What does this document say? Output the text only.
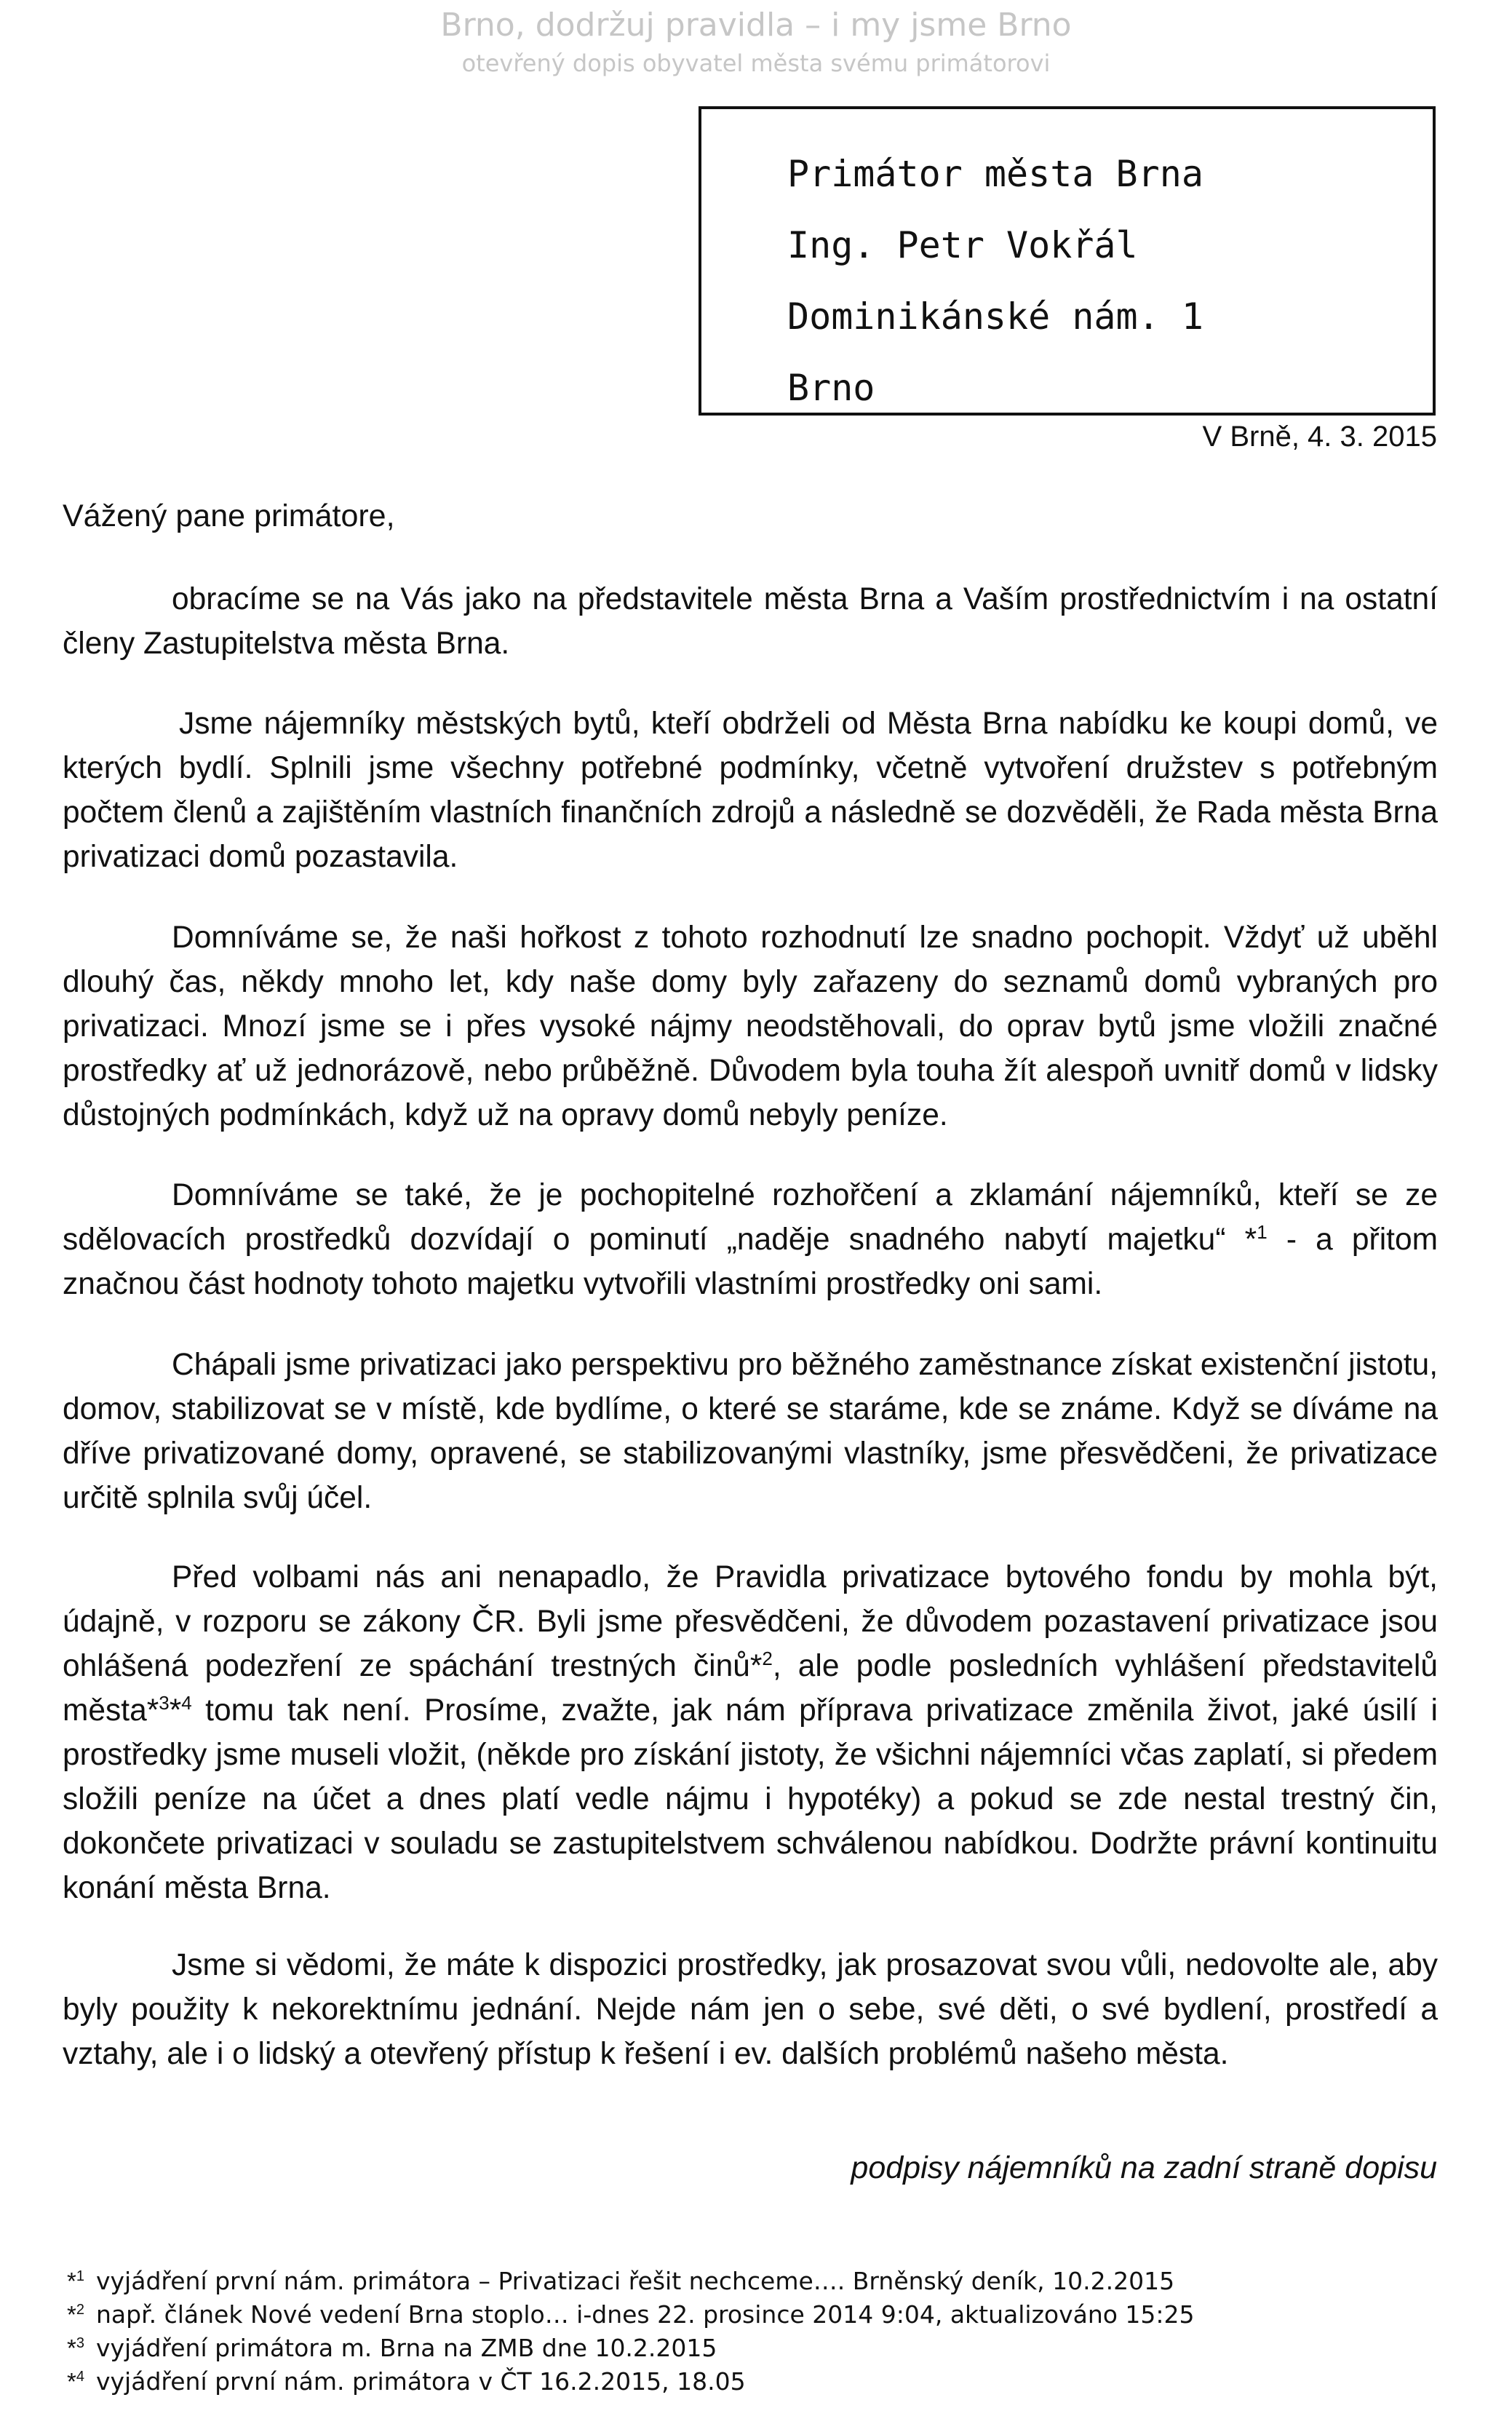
Brno, dodržuj pravidla – i my jsme Brno
otevřený dopis obyvatel města svému primátorovi
Primátor města Brna
Ing. Petr Vokřál
Dominikánské nám. 1
Brno
V Brně, 4. 3. 2015
Vážený pane primátore,

obracíme se na Vás jako na představitele města Brna a Vaším prostřednictvím i na ostatní členy Zastupitelstva města Brna.

Jsme nájemníky městských bytů, kteří obdrželi od Města Brna nabídku ke koupi domů, ve kterých bydlí. Splnili jsme všechny potřebné podmínky, včetně vytvoření družstev s potřebným počtem členů a zajištěním vlastních finančních zdrojů a následně se dozvěděli, že Rada města Brna privatizaci domů pozastavila.

Domníváme se, že naši hořkost z tohoto rozhodnutí lze snadno pochopit. Vždyť už uběhl dlouhý čas, někdy mnoho let, kdy naše domy byly zařazeny do seznamů domů vybraných pro privatizaci. Mnozí jsme se i přes vysoké nájmy neodstěhovali, do oprav bytů jsme vložili značné prostředky ať už jednorázově, nebo průběžně. Důvodem byla touha žít alespoň uvnitř domů v lidsky důstojných podmínkách, když už na opravy domů nebyly peníze.

Domníváme se také, že je pochopitelné rozhořčení a zklamání nájemníků, kteří se ze sdělovacích prostředků dozvídají o pominutí „naděje snadného nabytí majetku“ *$^1$ - a přitom značnou část hodnoty tohoto majetku vytvořili vlastními prostředky oni sami.

Chápali jsme privatizaci jako perspektivu pro běžného zaměstnance získat existenční jistotu, domov, stabilizovat se v místě, kde bydlíme, o které se staráme, kde se známe. Když se díváme na dříve privatizované domy, opravené, se stabilizovanými vlastníky, jsme přesvědčeni, že privatizace určitě splnila svůj účel.

Před volbami nás ani nenapadlo, že Pravidla privatizace bytového fondu by mohla být, údajně, v rozporu se zákony ČR. Byli jsme přesvědčeni, že důvodem pozastavení privatizace jsou ohlášená podezření ze spáchání trestných činů*$^2$, ale podle posledních vyhlášení představitelů města*$^3$*$^4$ tomu tak není. Prosíme, zvažte, jak nám příprava privatizace změnila život, jaké úsilí i prostředky jsme museli vložit, (někde pro získání jistoty, že všichni nájemníci včas zaplatí, si předem složili peníze na účet a dnes platí vedle nájmu i hypotéky) a pokud se zde nestal trestný čin, dokončete privatizaci v souladu se zastupitelstvem schválenou nabídkou. Dodržte právní kontinuitu konání města Brna.

Jsme si vědomi, že máte k dispozici prostředky, jak prosazovat svou vůli, nedovolte ale, aby byly použity k nekorektnímu jednání. Nejde nám jen o sebe, své děti, o své bydlení, prostředí a vztahy, ale i o lidský a otevřený přístup k řešení i ev. dalších problémů našeho města.

podpisy nájemníků na zadní straně dopisu
*$^1$ vyjádření první nám. primátora – Privatizaci řešit nechceme…. Brněnský deník, 10.2.2015
*$^2$ např. článek Nové vedení Brna stoplo… i-dnes 22. prosince 2014 9:04, aktualizováno 15:25
*$^3$ vyjádření primátora m. Brna na ZMB dne 10.2.2015
*$^4$ vyjádření první nám. primátora v ČT 16.2.2015, 18.05
